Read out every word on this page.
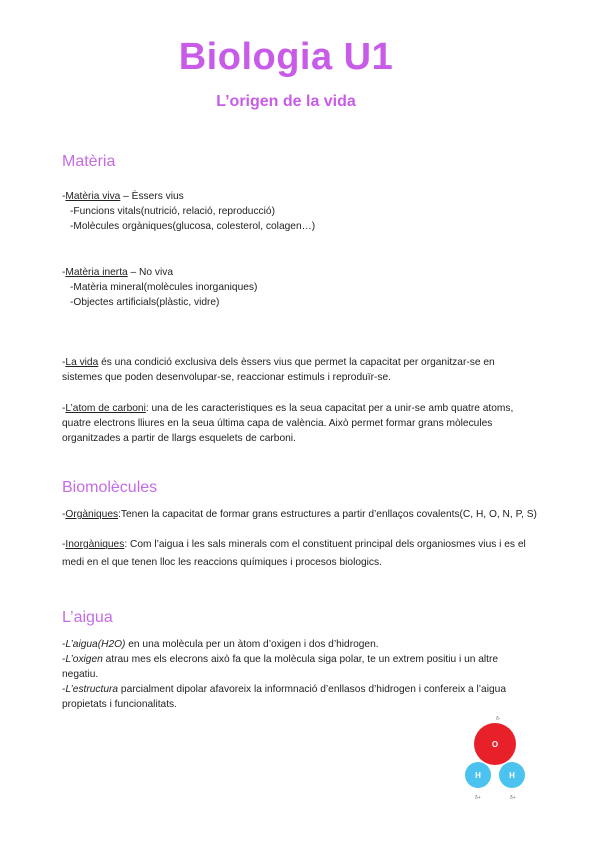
Biologia U1
L’origen de la vida
Matèria
-Matèria viva – Èssers vius
-Funcions vitals(nutrició, relació, reproducció)
-Molècules orgàniques(glucosa, colesterol, colagen…)
-Matèria inerta – No viva
-Matèria mineral(molècules inorganiques)
-Objectes artificials(plàstic, vidre)
-La vida és una condició exclusiva dels èssers vius que permet la capacitat per organitzar-se en
sistemes que poden desenvolupar-se, reaccionar estimuls i reproduïr-se.
-L’atom de carboni: una de les caracteristiques es la seua capacitat per a unir-se amb quatre atoms,
quatre electrons lliures en la seua última capa de valència. Això permet formar grans mòlecules
organitzades a partir de llargs esquelets de carboni.
Biomolècules
-Orgàniques:Tenen la capacitat de formar grans estructures a partir d’enllaços covalents(C, H, O, N, P, S)
-Inorgàniques: Com l’aigua i les sals minerals com el constituent principal dels organiosmes vius i es el
medi en el que tenen lloc les reaccions químiques i procesos biologics.
L’aigua
-L’aigua(H2O) en una molècula per un àtom d’oxigen i dos d’hidrogen.
-L’oxigen atrau mes els elecrons això fa que la molècula siga polar, te un extrem positiu i un altre
negatiu.
-L’estructura parcialment dipolar afavoreix la informnació d’enllasos d’hidrogen i confereix a l’aigua
propietats i funcionalitats.
δ-
O
H	H
δ+	δ+
